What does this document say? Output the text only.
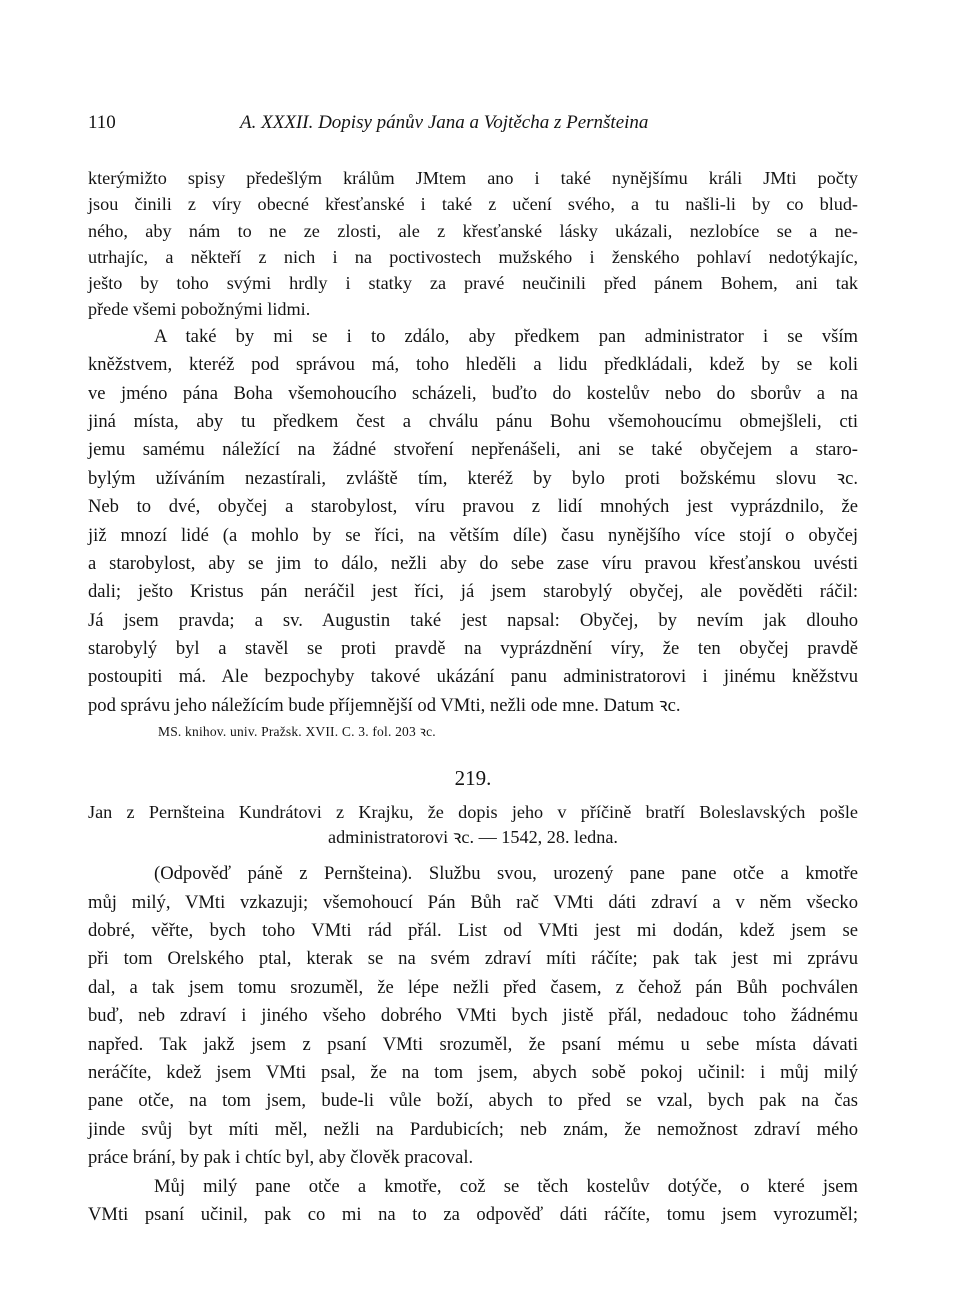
110	A. XXXII. Dopisy pánův Jana a Vojtěcha z Pernšteina
kterýmižto spisy předešlým králům JMtem ano i také nynějšímu králi JMti počty
jsou činili z víry obecné křesťanské i také z učení svého, a tu našli-li by co blud-
ného, aby nám to ne ze zlosti, ale z křesťanské lásky ukázali, nezlobíce se a ne-
utrhajíc, a někteří z nich i na poctivostech mužského i ženského pohlaví nedotýkajíc,
ješto by toho svými hrdly i statky za pravé neučinili před pánem Bohem, ani tak
přede všemi pobožnými lidmi.
A také by mi se i to zdálo, aby předkem pan administrator i se vším
kněžstvem, kteréž pod správou má, toho hleděli a lidu předkládali, kdež by se koli
ve jméno pána Boha všemohoucího scházeli, buďto do kostelův nebo do sborův a na
jiná místa, aby tu předkem čest a chválu pánu Bohu všemohoucímu obmejšleli, cti
jemu samému náležící na žádné stvoření nepřenášeli, ani se také obyčejem a staro-
bylým užíváním nezastírali, zvláště tím, kteréž by bylo proti božskému slovu ꝛc.
Neb to dvé, obyčej a starobylost, víru pravou z lidí mnohých jest vyprázdnilo, že
již mnozí lidé (a mohlo by se říci, na větším díle) času nynějšího více stojí o obyčej
a starobylost, aby se jim to dálo, nežli aby do sebe zase víru pravou křesťanskou uvésti
dali; ješto Kristus pán neráčil jest říci, já jsem starobylý obyčej, ale pověděti ráčil:
Já jsem pravda; a sv. Augustin také jest napsal: Obyčej, by nevím jak dlouho
starobylý byl a stavěl se proti pravdě na vyprázdnění víry, že ten obyčej pravdě
postoupiti má. Ale bezpochyby takové ukázání panu administratorovi i jinému kněžstvu
pod správu jeho náležícím bude příjemnější od VMti, nežli ode mne. Datum ꝛc.
MS. knihov. univ. Pražsk. XVII. C. 3. fol. 203 ꝛc.
219.
Jan z Pernšteina Kundrátovi z Krajku, že dopis jeho v příčině bratří Boleslavských pošle
administratorovi ꝛc. — 1542, 28. ledna.
(Odpověď páně z Pernšteina). Službu svou, urozený pane pane otče a kmotře
můj milý, VMti vzkazuji; všemohoucí Pán Bůh rač VMti dáti zdraví a v něm všecko
dobré, věřte, bych toho VMti rád přál. List od VMti jest mi dodán, kdež jsem se
při tom Orelského ptal, kterak se na svém zdraví míti ráčíte; pak tak jest mi zprávu
dal, a tak jsem tomu srozuměl, že lépe nežli před časem, z čehož pán Bůh pochválen
buď, neb zdraví i jiného všeho dobrého VMti bych jistě přál, nedadouc toho žádnému
napřed. Tak jakž jsem z psaní VMti srozuměl, že psaní mému u sebe místa dávati
neráčíte, kdež jsem VMti psal, že na tom jsem, abych sobě pokoj učinil: i můj milý
pane otče, na tom jsem, bude-li vůle boží, abych to před se vzal, bych pak na čas
jinde svůj byt míti měl, nežli na Pardubicích; neb znám, že nemožnost zdraví mého
práce brání, by pak i chtíc byl, aby člověk pracoval.
Můj milý pane otče a kmotře, což se těch kostelův dotýče, o které jsem
VMti psaní učinil, pak co mi na to za odpověď dáti ráčíte, tomu jsem vyrozuměl;
